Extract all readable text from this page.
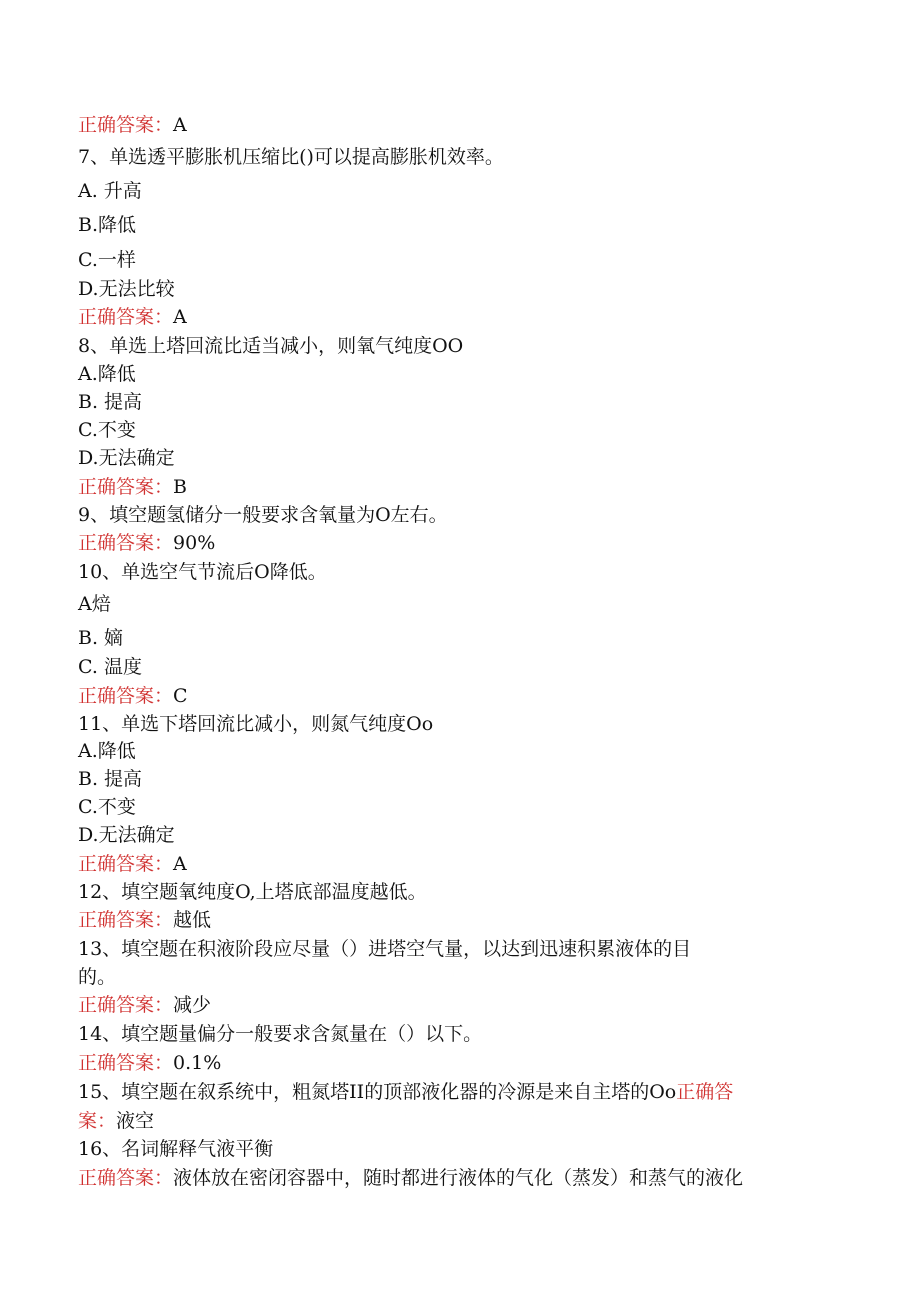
正确答案：A
7、单选透平膨胀机压缩比()可以提高膨胀机效率。
A. 升高
B.降低
C.一样
D.无法比较
正确答案：A
8、单选上塔回流比适当减小，则氧气纯度OO
A.降低
B. 提高
C.不变
D.无法确定
正确答案：B
9、填空题氢储分一般要求含氧量为O左右。
正确答案：90%
10、单选空气节流后O降低。
A焙
B. 嫡
C. 温度
正确答案：C
11、单选下塔回流比减小，则氮气纯度Oo
A.降低
B. 提高
C.不变
D.无法确定
正确答案：A
12、填空题氧纯度O,上塔底部温度越低。
正确答案：越低
13、填空题在积液阶段应尽量（）进塔空气量，以达到迅速积累液体的目
的。
正确答案：减少
14、填空题量偏分一般要求含氮量在（）以下。
正确答案：0.1%
15、填空题在叙系统中，粗氮塔II的顶部液化器的冷源是来自主塔的Oo正确答
案：液空
16、名词解释气液平衡
正确答案：液体放在密闭容器中，随时都进行液体的气化（蒸发）和蒸气的液化
